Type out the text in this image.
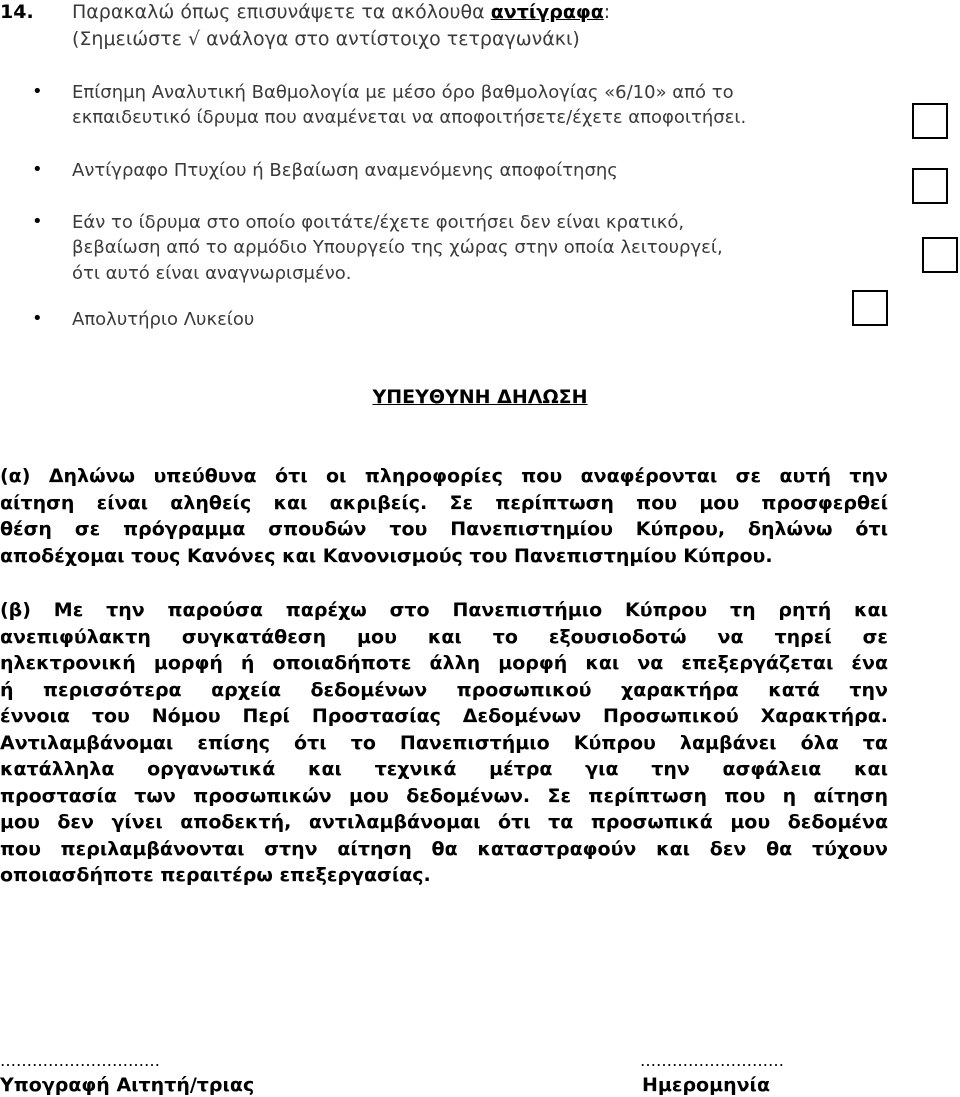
14. Παρακαλώ όπως επισυνάψετε τα ακόλουθα αντίγραφα:
(Σημειώστε √ ανάλογα στο αντίστοιχο τετραγωνάκι)
• Επίσημη Αναλυτική Βαθμολογία με μέσο όρο βαθμολογίας «6/10» από το
εκπαιδευτικό ίδρυμα που αναμένεται να αποφοιτήσετε/έχετε αποφοιτήσει.
• Αντίγραφο Πτυχίου ή Βεβαίωση αναμενόμενης αποφοίτησης
• Εάν το ίδρυμα στο οποίο φοιτάτε/έχετε φοιτήσει δεν είναι κρατικό,
βεβαίωση από το αρμόδιο Υπουργείο της χώρας στην οποία λειτουργεί,
ότι αυτό είναι αναγνωρισμένο.
• Απολυτήριο Λυκείου
ΥΠΕΥΘΥΝΗ ΔΗΛΩΣΗ
(α) Δηλώνω υπεύθυνα ότι οι πληροφορίες που αναφέρονται σε αυτή την
αίτηση είναι αληθείς και ακριβείς. Σε περίπτωση που μου προσφερθεί
θέση σε πρόγραμμα σπουδών του Πανεπιστημίου Κύπρου, δηλώνω ότι
αποδέχομαι τους Κανόνες και Κανονισμούς του Πανεπιστημίου Κύπρου.
(β) Με την παρούσα παρέχω στο Πανεπιστήμιο Κύπρου τη ρητή και
ανεπιφύλακτη συγκατάθεση μου και το εξουσιοδοτώ να τηρεί σε
ηλεκτρονική μορφή ή οποιαδήποτε άλλη μορφή και να επεξεργάζεται ένα
ή περισσότερα αρχεία δεδομένων προσωπικού χαρακτήρα κατά την
έννοια του Νόμου Περί Προστασίας Δεδομένων Προσωπικού Χαρακτήρα.
Αντιλαμβάνομαι επίσης ότι το Πανεπιστήμιο Κύπρου λαμβάνει όλα τα
κατάλληλα οργανωτικά και τεχνικά μέτρα για την ασφάλεια και
προστασία των προσωπικών μου δεδομένων. Σε περίπτωση που η αίτηση
μου δεν γίνει αποδεκτή, αντιλαμβάνομαι ότι τα προσωπικά μου δεδομένα
που περιλαμβάνονται στην αίτηση θα καταστραφούν και δεν θα τύχουν
οποιασδήποτε περαιτέρω επεξεργασίας.
…………………………
Υπογραφή Αιτητή/τριας
………………………
Ημερομηνία
